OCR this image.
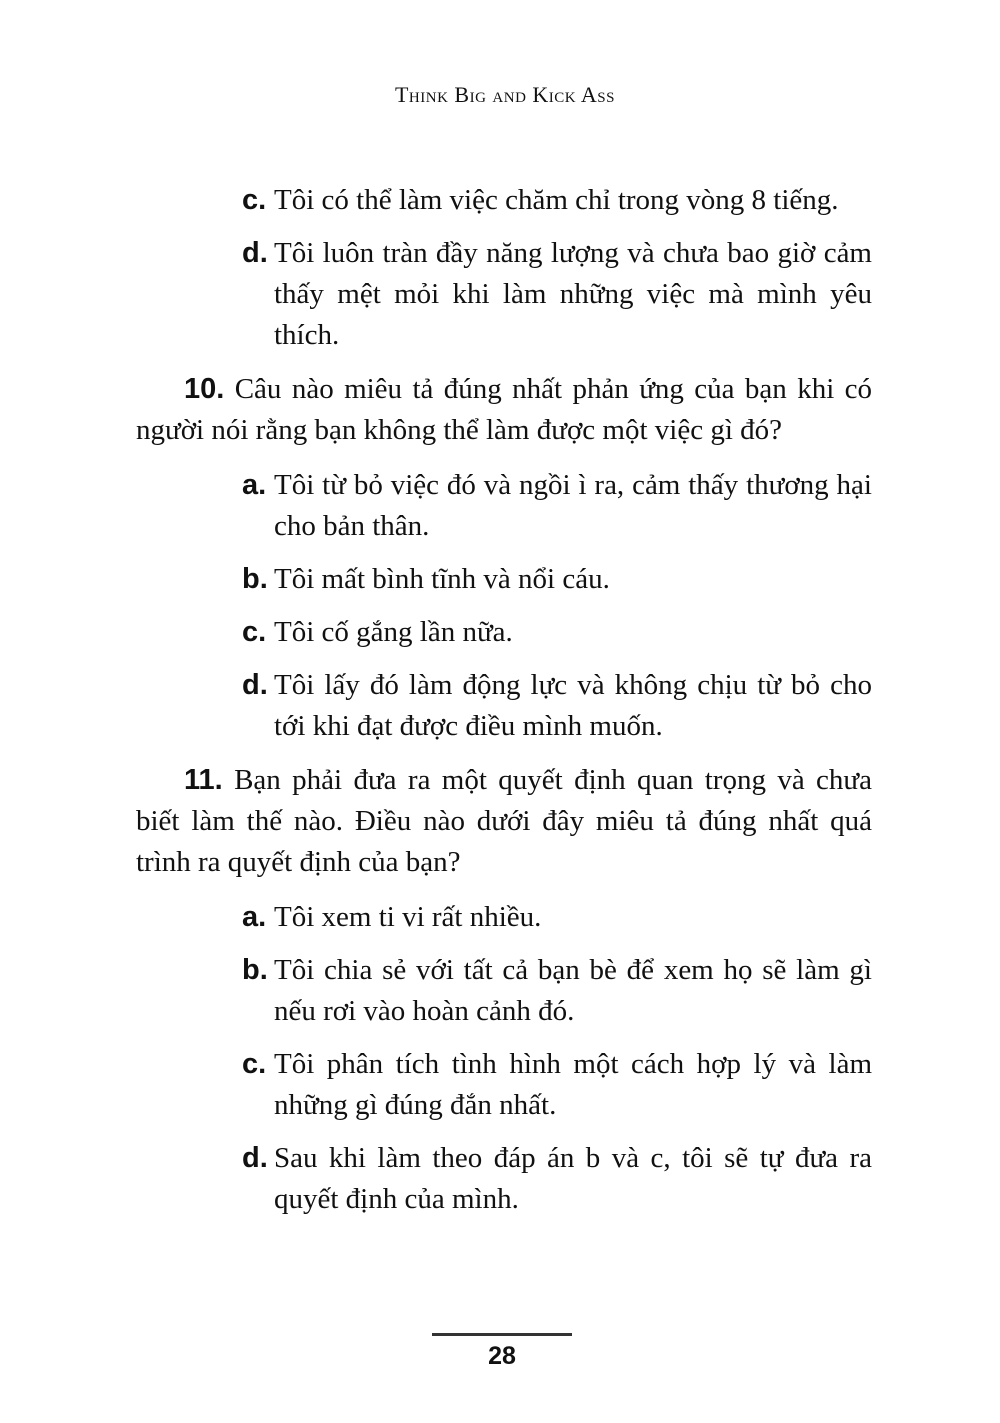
Think Big and Kick Ass
c. Tôi có thể làm việc chăm chỉ trong vòng 8 tiếng.
d. Tôi luôn tràn đầy năng lượng và chưa bao giờ cảm thấy mệt mỏi khi làm những việc mà mình yêu thích.

10. Câu nào miêu tả đúng nhất phản ứng của bạn khi có người nói rằng bạn không thể làm được một việc gì đó?

a. Tôi từ bỏ việc đó và ngồi ì ra, cảm thấy thương hại cho bản thân.
b. Tôi mất bình tĩnh và nổi cáu.
c. Tôi cố gắng lần nữa.
d. Tôi lấy đó làm động lực và không chịu từ bỏ cho tới khi đạt được điều mình muốn.

11. Bạn phải đưa ra một quyết định quan trọng và chưa biết làm thế nào. Điều nào dưới đây miêu tả đúng nhất quá trình ra quyết định của bạn?

a. Tôi xem ti vi rất nhiều.
b. Tôi chia sẻ với tất cả bạn bè để xem họ sẽ làm gì nếu rơi vào hoàn cảnh đó.
c. Tôi phân tích tình hình một cách hợp lý và làm những gì đúng đắn nhất.
d. Sau khi làm theo đáp án b và c, tôi sẽ tự đưa ra quyết định của mình.
28
